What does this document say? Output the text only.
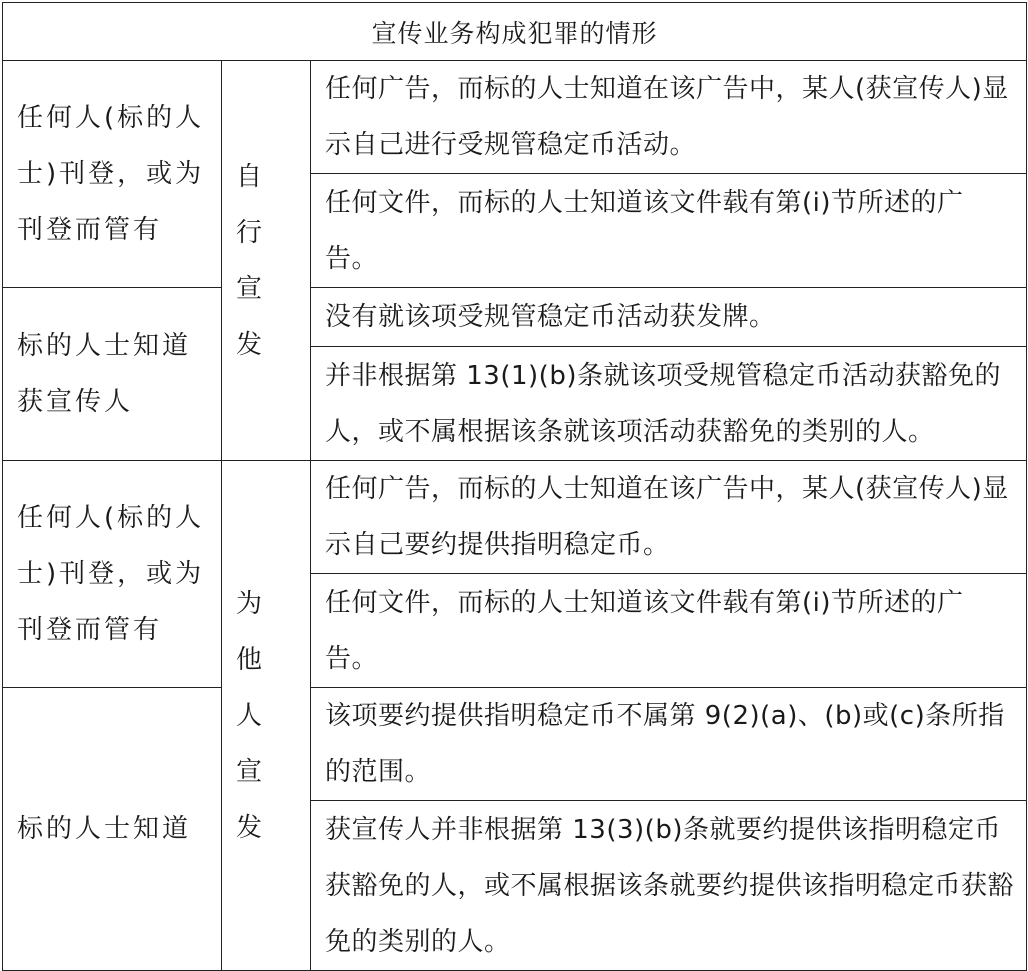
宣传业务构成犯罪的情形		
任何人(标的人士)刊登，或为刊登而管有	自行宣发	任何广告，而标的人士知道在该广告中，某人(获宣传人)显示自己进行受规管稳定币活动。
		任何文件，而标的人士知道该文件载有第(i)节所述的广告。
标的人士知道获宣传人		没有就该项受规管稳定币活动获发牌。
		并非根据第 13(1)(b)条就该项受规管稳定币活动获豁免的人，或不属根据该条就该项活动获豁免的类别的人。
任何人(标的人士)刊登，或为刊登而管有	为他人宣发	任何广告，而标的人士知道在该广告中，某人(获宣传人)显示自己要约提供指明稳定币。
		任何文件，而标的人士知道该文件载有第(i)节所述的广告。
标的人士知道		该项要约提供指明稳定币不属第 9(2)(a)、(b)或(c)条所指的范围。
		获宣传人并非根据第 13(3)(b)条就要约提供该指明稳定币获豁免的人，或不属根据该条就要约提供该指明稳定币获豁免的类别的人。
